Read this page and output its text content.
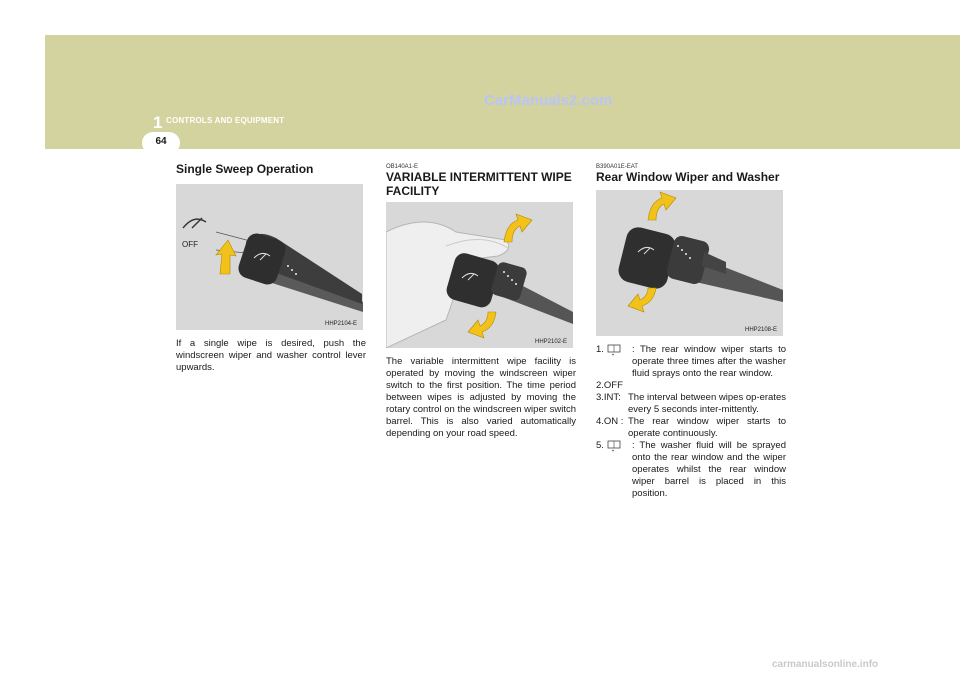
1 CONTROLS AND EQUIPMENT
CarManuals2.com
64
Single Sweep Operation
OFF
HHP2104-E
If a single wipe is desired, push the windscreen wiper and washer control lever upwards.
OB140A1-E
VARIABLE INTERMITTENT WIPE FACILITY
HHP2102-E
The variable intermittent wipe facility is operated by moving the windscreen wiper switch to the first position. The time period between wipes is adjusted by moving the rotary control on the windscreen wiper switch barrel. This is also varied automatically depending on your road speed.
B390A01E-EAT
Rear Window Wiper and Washer
HHP2108-E
1.	: The rear window wiper starts to operate three times after the washer fluid sprays onto the rear window.
2.OFF
3.INT: The interval between wipes op-erates every 5 seconds inter-mittently.
4.ON : The rear window wiper starts to operate continuously.
5.	: The washer fluid will be sprayed onto the rear window and the wiper operates whilst the rear window wiper barrel is placed in this position.
carmanualsonline.info
